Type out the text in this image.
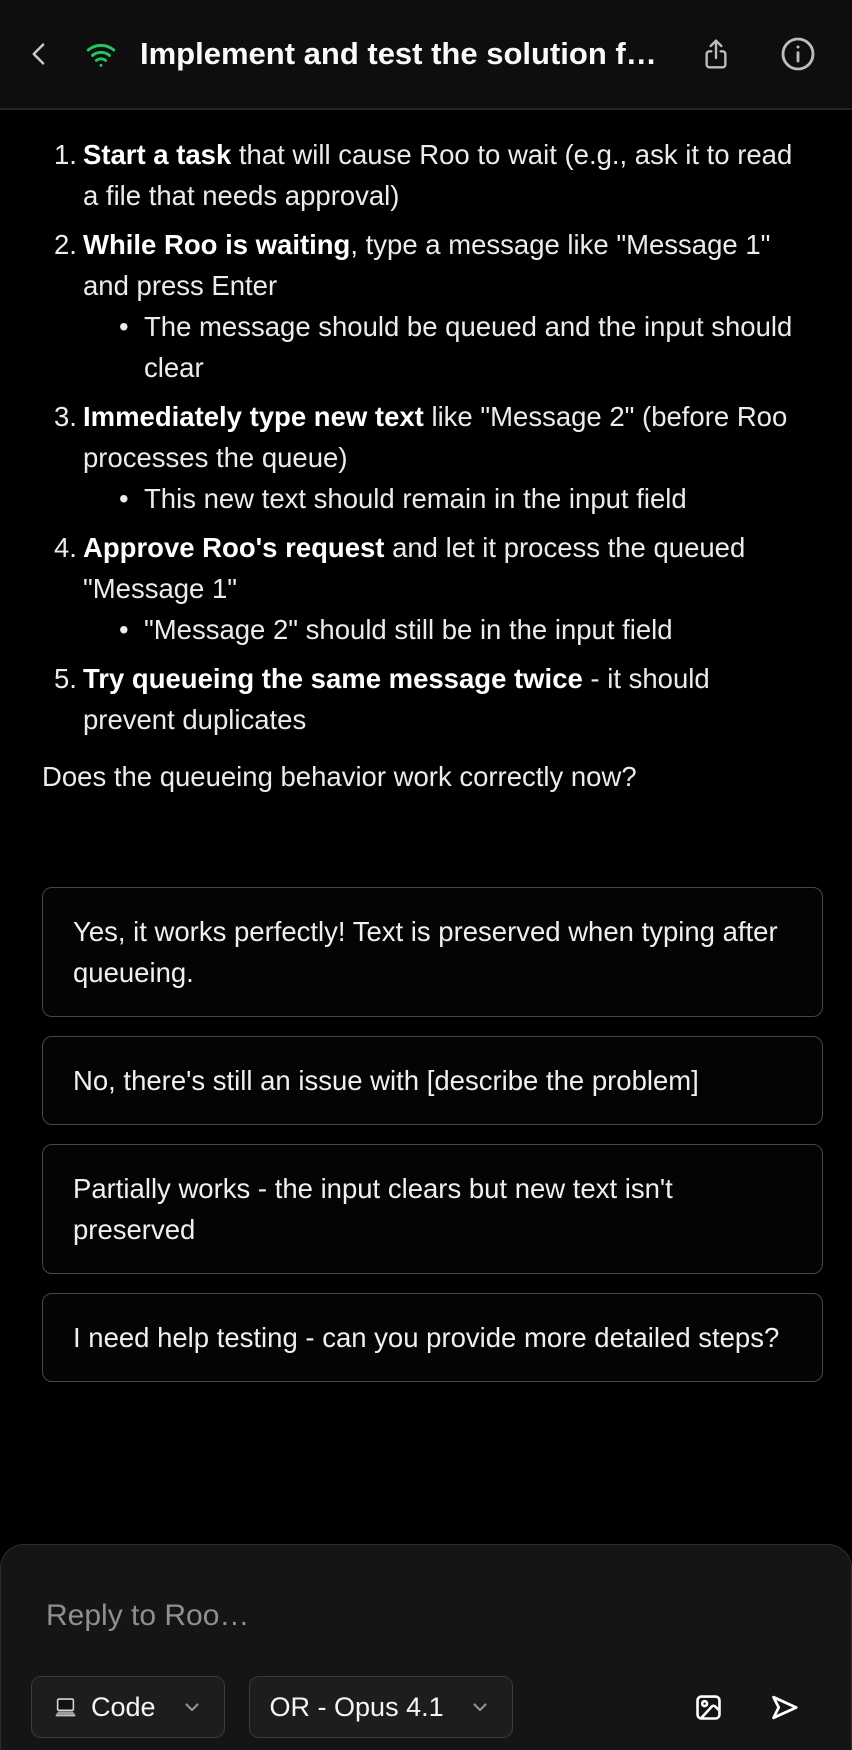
Implement and test the solution f…
1. Start a task that will cause Roo to wait (e.g., ask it to read a file that needs approval)
2. While Roo is waiting, type a message like "Message 1" and press Enter
•
The message should be queued and the input should clear
3. Immediately type new text like "Message 2" (before Roo processes the queue)
•
This new text should remain in the input field
4. Approve Roo's request and let it process the queued "Message 1"
•
"Message 2" should still be in the input field
5. Try queueing the same message twice - it should prevent duplicates
Does the queueing behavior work correctly now?
Yes, it works perfectly! Text is preserved when typing after queueing.
No, there's still an issue with [describe the problem]
Partially works - the input clears but new text isn't preserved
I need help testing - can you provide more detailed steps?
Reply to Roo…
Code	OR - Opus 4.1
